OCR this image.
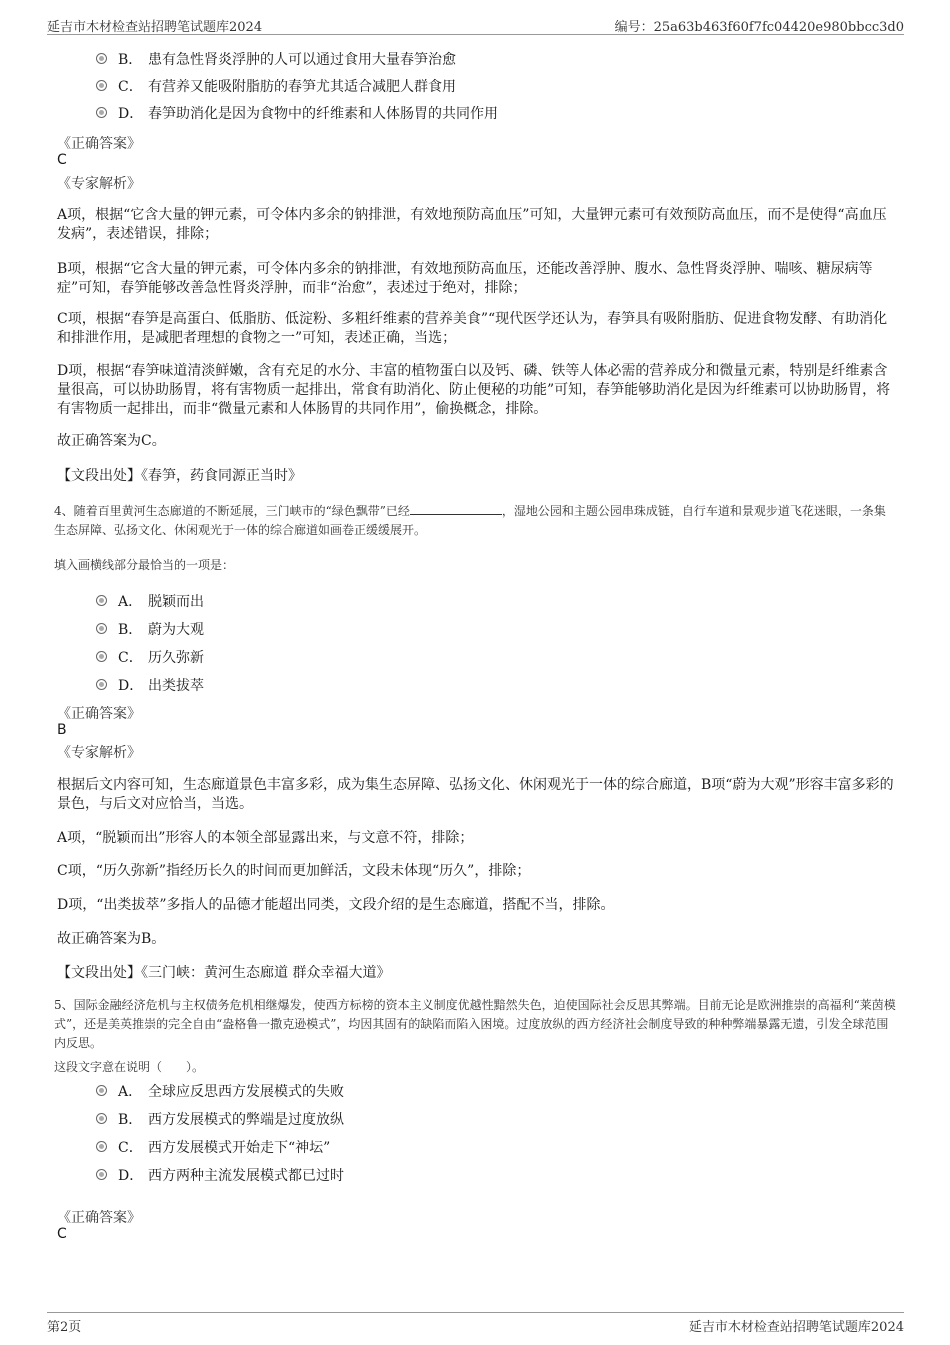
延吉市木材检查站招聘笔试题库2024	编号：25a63b463f60f7fc04420e980bbcc3d0
B． 患有急性肾炎浮肿的人可以通过食用大量春笋治愈
C． 有营养又能吸附脂肪的春笋尤其适合减肥人群食用
D． 春笋助消化是因为食物中的纤维素和人体肠胃的共同作用
《正确答案》
C
《专家解析》
A项，根据“它含大量的钾元素，可令体内多余的钠排泄，有效地预防高血压”可知，大量钾元素可有效预防高血压，而不是使得“高血压发病”，表述错误，排除；
B项，根据“它含大量的钾元素，可令体内多余的钠排泄，有效地预防高血压，还能改善浮肿、腹水、急性肾炎浮肿、喘咳、糖尿病等症”可知，春笋能够改善急性肾炎浮肿，而非“治愈”，表述过于绝对，排除；
C项，根据“春笋是高蛋白、低脂肪、低淀粉、多粗纤维素的营养美食”“现代医学还认为，春笋具有吸附脂肪、促进食物发酵、有助消化和排泄作用，是减肥者理想的食物之一”可知，表述正确，当选；
D项，根据“春笋味道清淡鲜嫩，含有充足的水分、丰富的植物蛋白以及钙、磷、铁等人体必需的营养成分和微量元素，特别是纤维素含量很高，可以协助肠胃，将有害物质一起排出，常食有助消化、防止便秘的功能”可知，春笋能够助消化是因为纤维素可以协助肠胃，将有害物质一起排出，而非“微量元素和人体肠胃的共同作用”，偷换概念，排除。
故正确答案为C。
【文段出处】《春笋，药食同源正当时》
4、随着百里黄河生态廊道的不断延展，三门峡市的“绿色飘带”已经	，湿地公园和主题公园串珠成链，自行车道和景观步道飞花迷眼，一条集生态屏障、弘扬文化、休闲观光于一体的综合廊道如画卷正缓缓展开。
填入画横线部分最恰当的一项是：
A． 脱颖而出
B． 蔚为大观
C． 历久弥新
D． 出类拔萃
《正确答案》
B
《专家解析》
根据后文内容可知，生态廊道景色丰富多彩，成为集生态屏障、弘扬文化、休闲观光于一体的综合廊道，B项“蔚为大观”形容丰富多彩的景色，与后文对应恰当，当选。
A项，“脱颖而出”形容人的本领全部显露出来，与文意不符，排除；
C项，“历久弥新”指经历长久的时间而更加鲜活，文段未体现“历久”，排除；
D项，“出类拔萃”多指人的品德才能超出同类，文段介绍的是生态廊道，搭配不当，排除。
故正确答案为B。
【文段出处】《三门峡：黄河生态廊道 群众幸福大道》
5、国际金融经济危机与主权债务危机相继爆发，使西方标榜的资本主义制度优越性黯然失色，迫使国际社会反思其弊端。目前无论是欧洲推崇的高福利“莱茵模式”，还是美英推崇的完全自由“盎格鲁一撒克逊模式”，均因其固有的缺陷而陷入困境。过度放纵的西方经济社会制度导致的种种弊端暴露无遗，引发全球范围内反思。
这段文字意在说明（　　）。
A． 全球应反思西方发展模式的失败
B． 西方发展模式的弊端是过度放纵
C． 西方发展模式开始走下“神坛”
D． 西方两种主流发展模式都已过时
《正确答案》
C
第2页	延吉市木材检查站招聘笔试题库2024
